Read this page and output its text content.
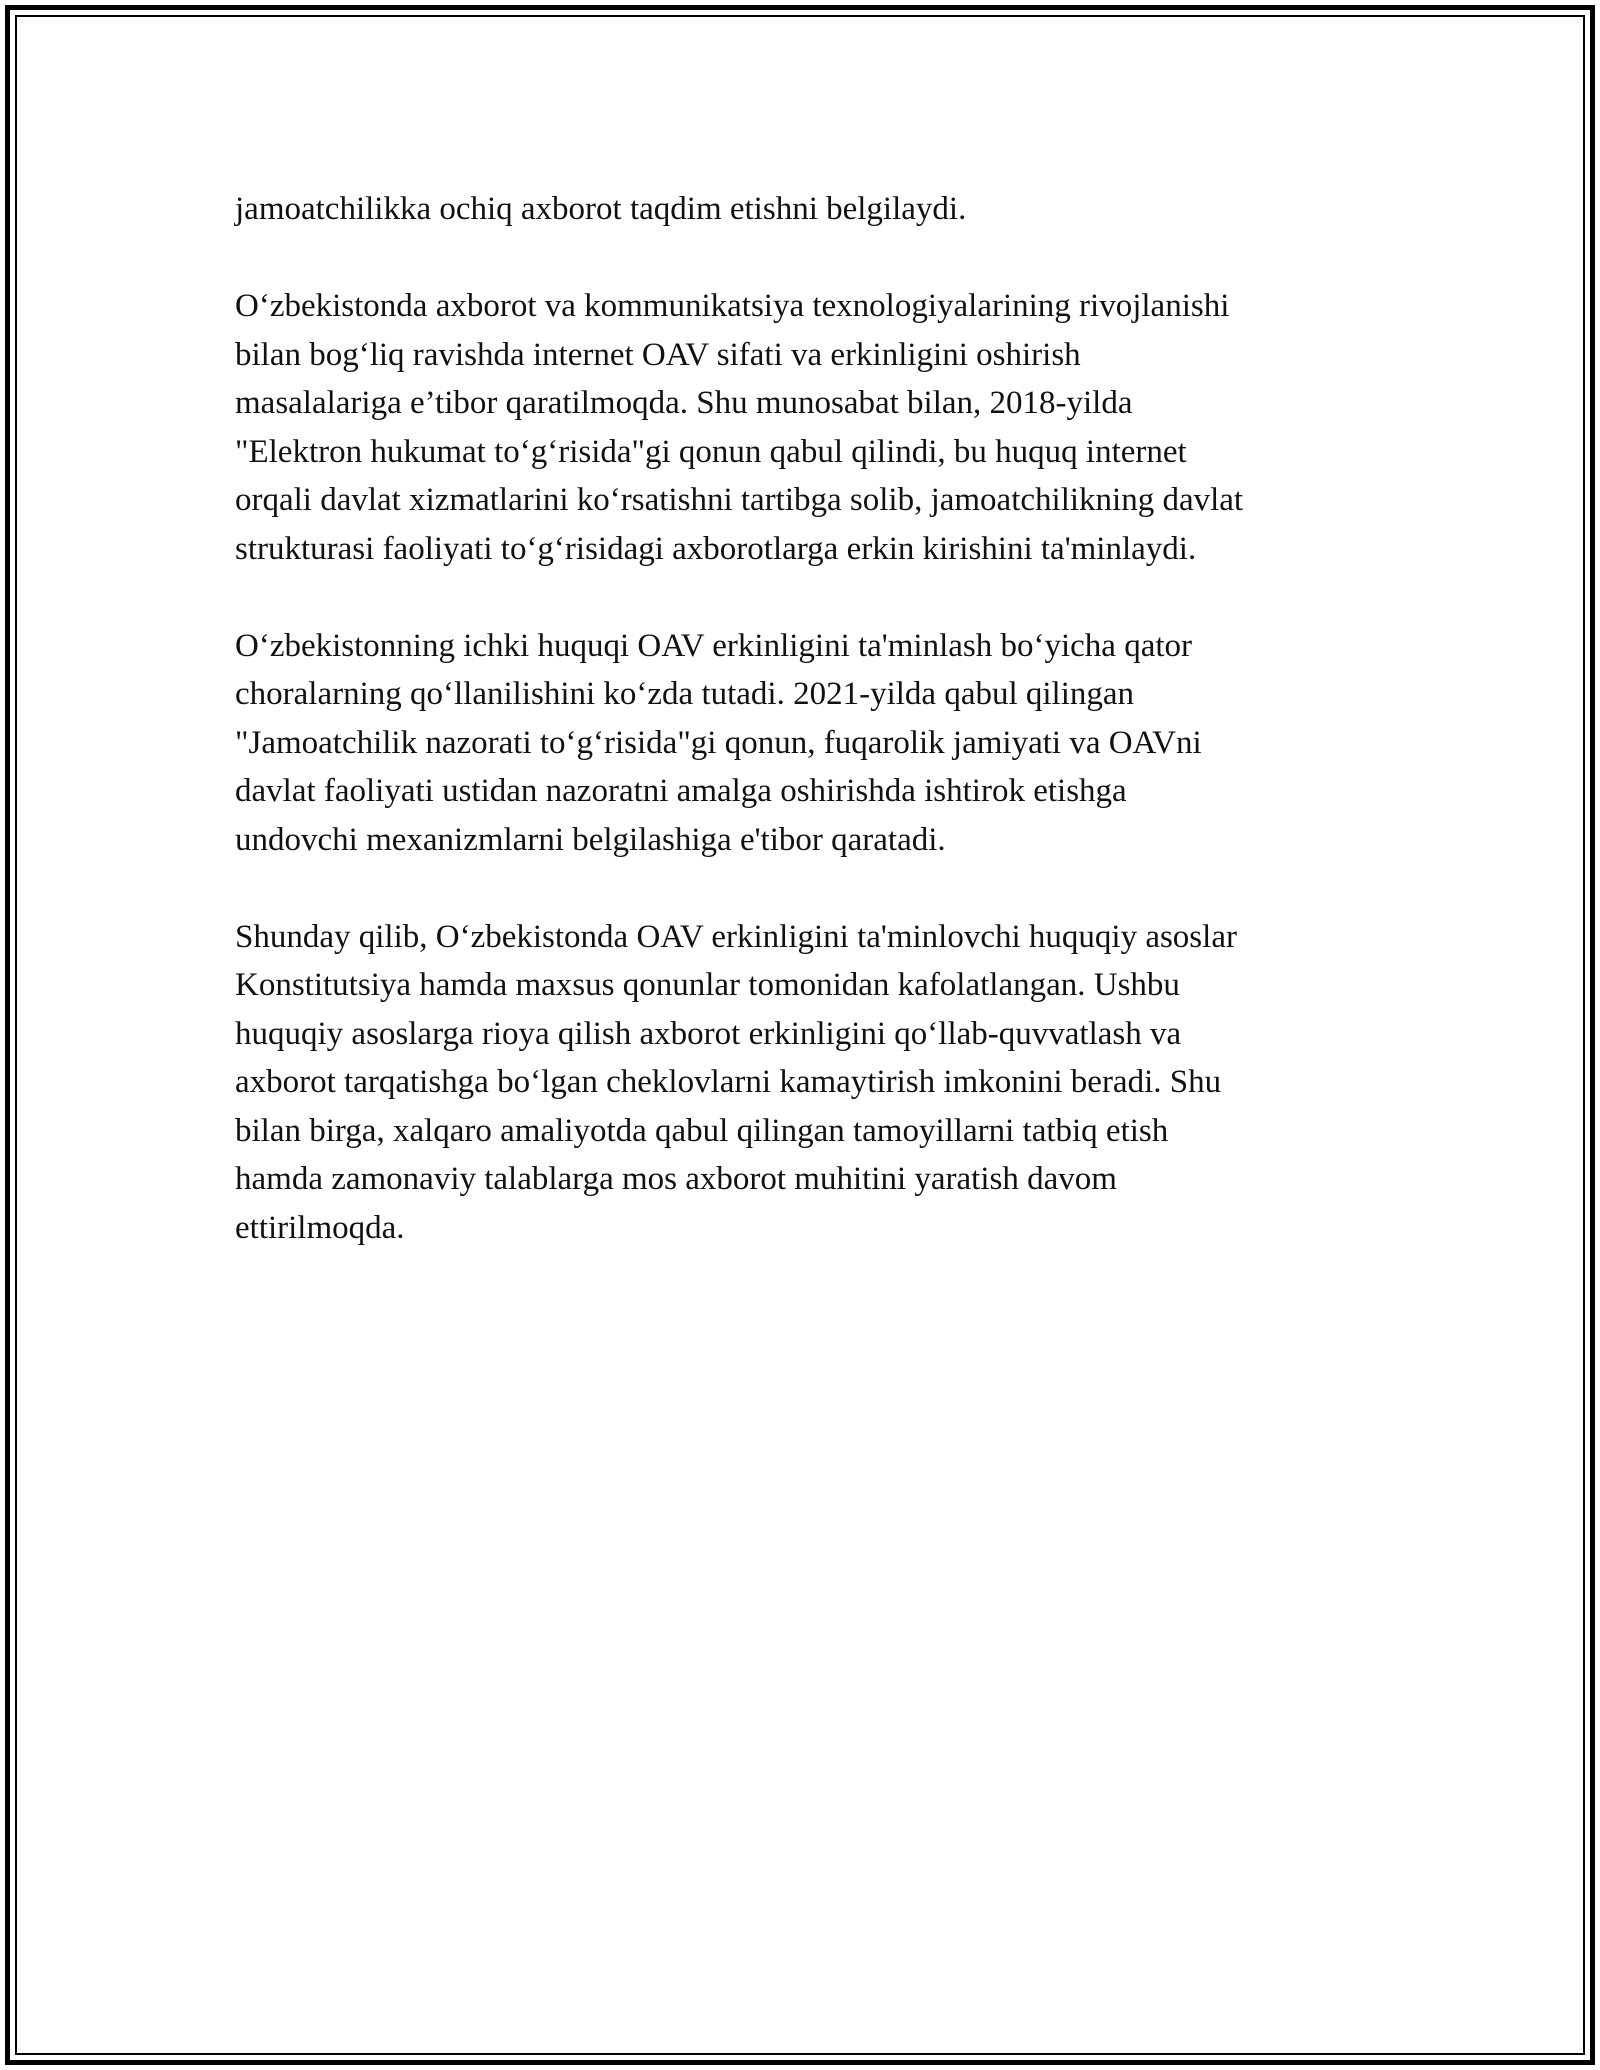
jamoatchilikka ochiq axborot taqdim etishni belgilaydi.

O‘zbekistonda axborot va kommunikatsiya texnologiyalarining rivojlanishi
bilan bog‘liq ravishda internet OAV sifati va erkinligini oshirish
masalalariga e’tibor qaratilmoqda. Shu munosabat bilan, 2018-yilda
"Elektron hukumat to‘g‘risida"gi qonun qabul qilindi, bu huquq internet
orqali davlat xizmatlarini ko‘rsatishni tartibga solib, jamoatchilikning davlat
strukturasi faoliyati to‘g‘risidagi axborotlarga erkin kirishini ta'minlaydi.

O‘zbekistonning ichki huquqi OAV erkinligini ta'minlash bo‘yicha qator
choralarning qo‘llanilishini ko‘zda tutadi. 2021-yilda qabul qilingan
"Jamoatchilik nazorati to‘g‘risida"gi qonun, fuqarolik jamiyati va OAVni
davlat faoliyati ustidan nazoratni amalga oshirishda ishtirok etishga
undovchi mexanizmlarni belgilashiga e'tibor qaratadi.

Shunday qilib, O‘zbekistonda OAV erkinligini ta'minlovchi huquqiy asoslar
Konstitutsiya hamda maxsus qonunlar tomonidan kafolatlangan. Ushbu
huquqiy asoslarga rioya qilish axborot erkinligini qo‘llab-quvvatlash va
axborot tarqatishga bo‘lgan cheklovlarni kamaytirish imkonini beradi. Shu
bilan birga, xalqaro amaliyotda qabul qilingan tamoyillarni tatbiq etish
hamda zamonaviy talablarga mos axborot muhitini yaratish davom
ettirilmoqda.
